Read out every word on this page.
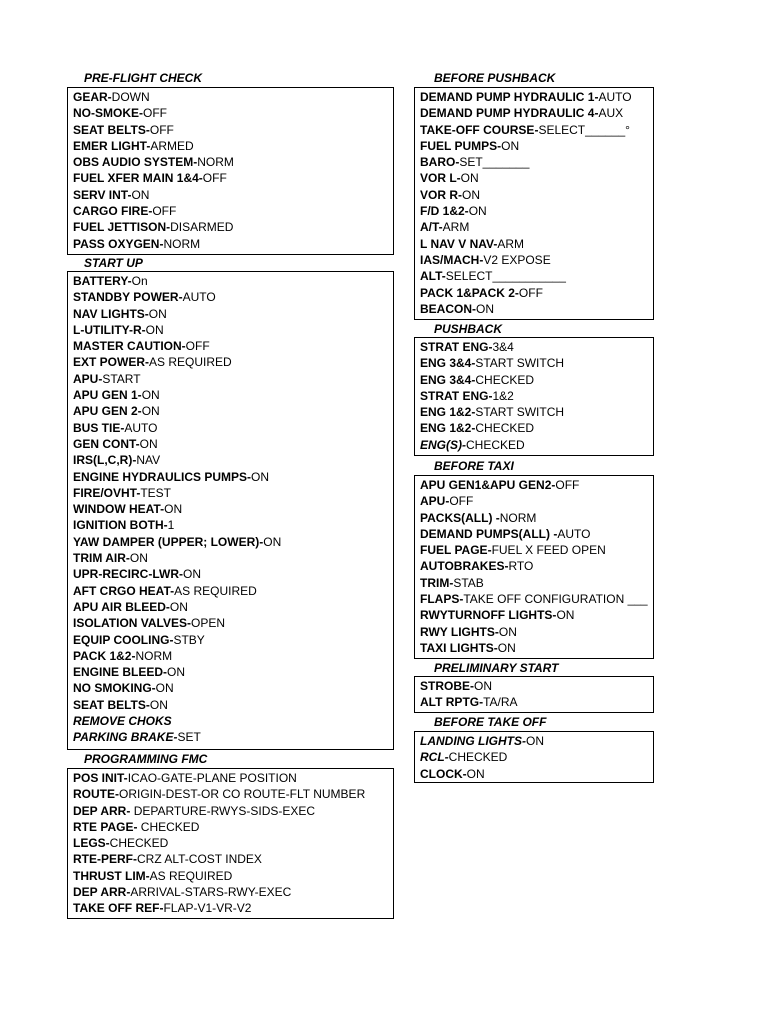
PRE-FLIGHT CHECK
GEAR-DOWN
NO-SMOKE-OFF
SEAT BELTS-OFF
EMER LIGHT-ARMED
OBS AUDIO SYSTEM-NORM
FUEL XFER MAIN 1&4-OFF
SERV INT-ON
CARGO FIRE-OFF
FUEL JETTISON-DISARMED
PASS OXYGEN-NORM
START UP
BATTERY-On
STANDBY POWER-AUTO
NAV LIGHTS-ON
L-UTILITY-R-ON
MASTER CAUTION-OFF
EXT POWER-AS REQUIRED
APU-START
APU GEN 1-ON
APU GEN 2-ON
BUS TIE-AUTO
GEN CONT-ON
IRS(L,C,R)-NAV
ENGINE HYDRAULICS PUMPS-ON
FIRE/OVHT-TEST
WINDOW HEAT-ON
IGNITION BOTH-1
YAW DAMPER (UPPER; LOWER)-ON
TRIM AIR-ON
UPR-RECIRC-LWR-ON
AFT CRGO HEAT-AS REQUIRED
APU AIR BLEED-ON
ISOLATION VALVES-OPEN
EQUIP COOLING-STBY
PACK 1&2-NORM
ENGINE BLEED-ON
NO SMOKING-ON
SEAT BELTS-ON
REMOVE CHOKS
PARKING BRAKE-SET
PROGRAMMING FMC
POS INIT-ICAO-GATE-PLANE POSITION
ROUTE-ORIGIN-DEST-OR CO ROUTE-FLT NUMBER
DEP ARR- DEPARTURE-RWYS-SIDS-EXEC
RTE PAGE- CHECKED
LEGS-CHECKED
RTE-PERF-CRZ ALT-COST INDEX
THRUST LIM-AS REQUIRED
DEP ARR-ARRIVAL-STARS-RWY-EXEC
TAKE OFF REF-FLAP-V1-VR-V2
BEFORE PUSHBACK
DEMAND PUMP HYDRAULIC 1-AUTO
DEMAND PUMP HYDRAULIC 4-AUX
TAKE-OFF COURSE-SELECT______°
FUEL PUMPS-ON
BARO-SET_______
VOR L-ON
VOR R-ON
F/D 1&2-ON
A/T-ARM
L NAV V NAV-ARM
IAS/MACH-V2 EXPOSE
ALT-SELECT___________
PACK 1&PACK 2-OFF
BEACON-ON
PUSHBACK
STRAT ENG-3&4
ENG 3&4-START SWITCH
ENG 3&4-CHECKED
STRAT ENG-1&2
ENG 1&2-START SWITCH
ENG 1&2-CHECKED
ENG(S)-CHECKED
BEFORE TAXI
APU GEN1&APU GEN2-OFF
APU-OFF
PACKS(ALL) -NORM
DEMAND PUMPS(ALL) -AUTO
FUEL PAGE-FUEL X FEED OPEN
AUTOBRAKES-RTO
TRIM-STAB
FLAPS-TAKE OFF CONFIGURATION ___
RWYTURNOFF LIGHTS-ON
RWY LIGHTS-ON
TAXI LIGHTS-ON
PRELIMINARY START
STROBE-ON
ALT RPTG-TA/RA
BEFORE TAKE OFF
LANDING LIGHTS-ON
RCL-CHECKED
CLOCK-ON
